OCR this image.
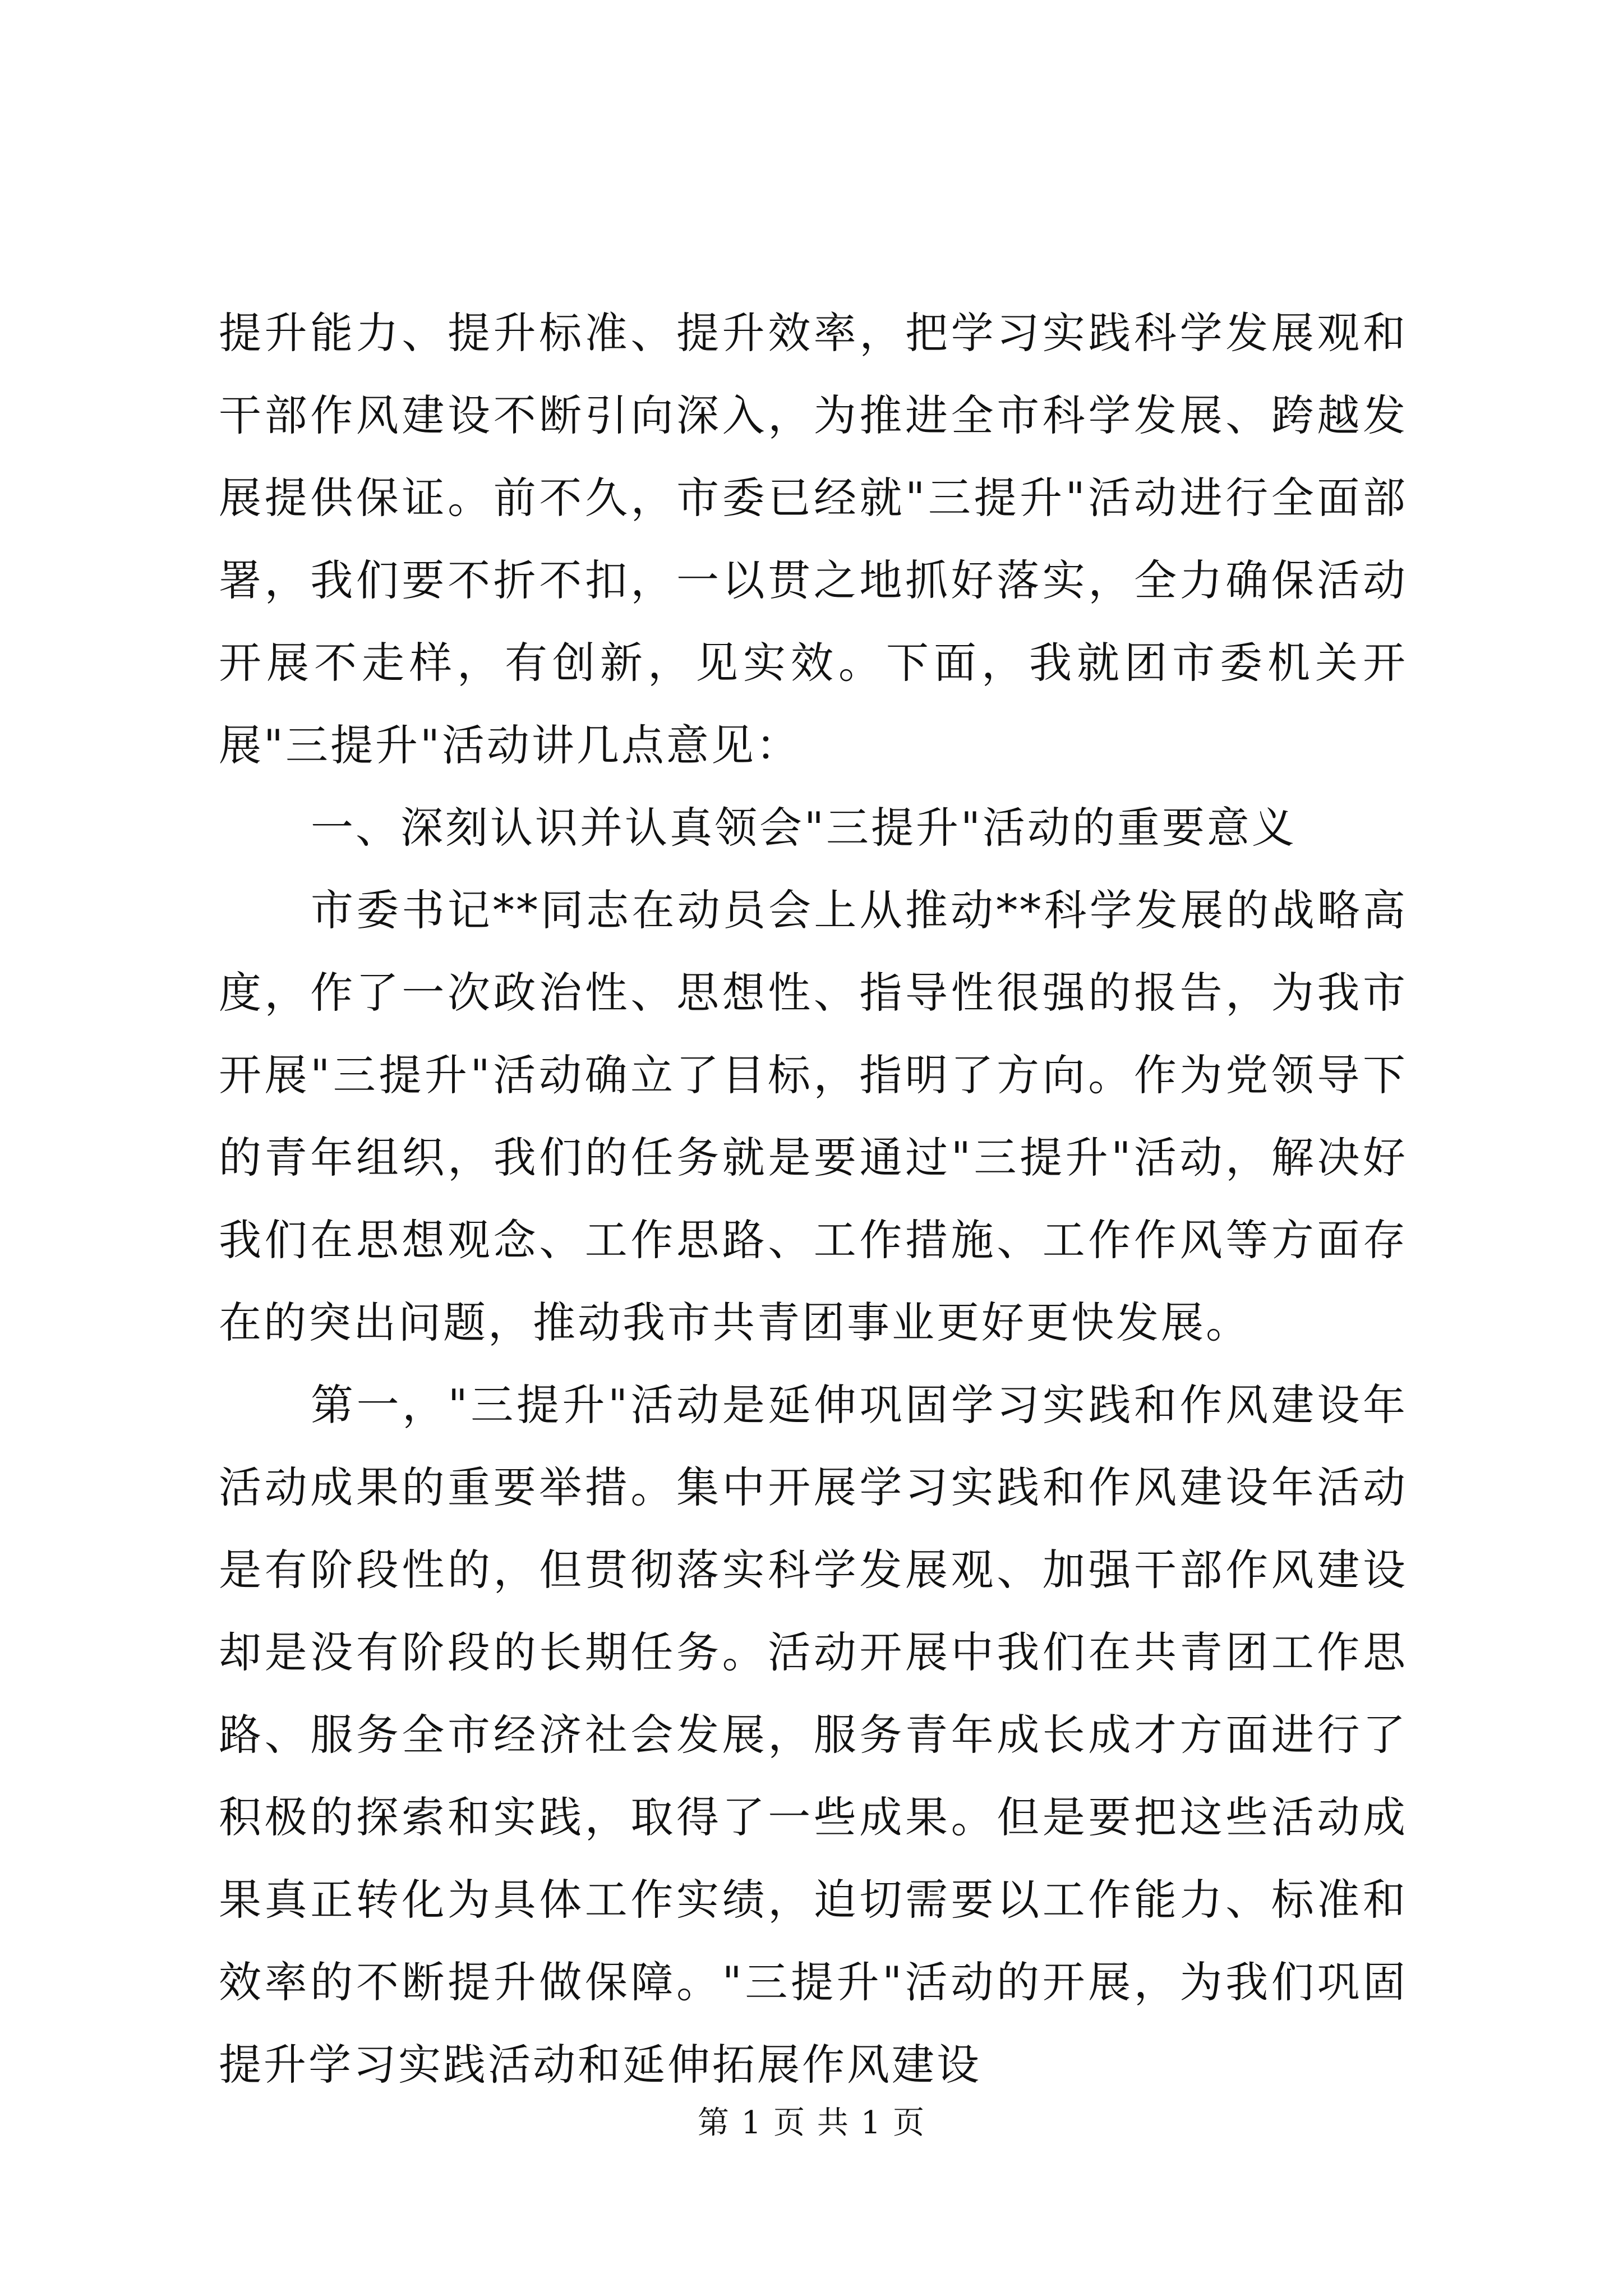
提升能力、提升标准、提升效率，把学习实践科学发展观和干部作风建设不断引向深入，为推进全市科学发展、跨越发展提供保证。前不久，市委已经就"三提升"活动进行全面部署，我们要不折不扣，一以贯之地抓好落实，全力确保活动开展不走样，有创新，见实效。下面，我就团市委机关开展"三提升"活动讲几点意见：

一、深刻认识并认真领会"三提升"活动的重要意义

市委书记**同志在动员会上从推动**科学发展的战略高度，作了一次政治性、思想性、指导性很强的报告，为我市开展"三提升"活动确立了目标，指明了方向。作为党领导下的青年组织，我们的任务就是要通过"三提升"活动，解决好我们在思想观念、工作思路、工作措施、工作作风等方面存在的突出问题，推动我市共青团事业更好更快发展。

第一，"三提升"活动是延伸巩固学习实践和作风建设年活动成果的重要举措。集中开展学习实践和作风建设年活动是有阶段性的，但贯彻落实科学发展观、加强干部作风建设却是没有阶段的长期任务。活动开展中我们在共青团工作思路、服务全市经济社会发展，服务青年成长成才方面进行了积极的探索和实践，取得了一些成果。但是要把这些活动成果真正转化为具体工作实绩，迫切需要以工作能力、标准和效率的不断提升做保障。"三提升"活动的开展，为我们巩固提升学习实践活动和延伸拓展作风建设

第 1 页 共 1 页
